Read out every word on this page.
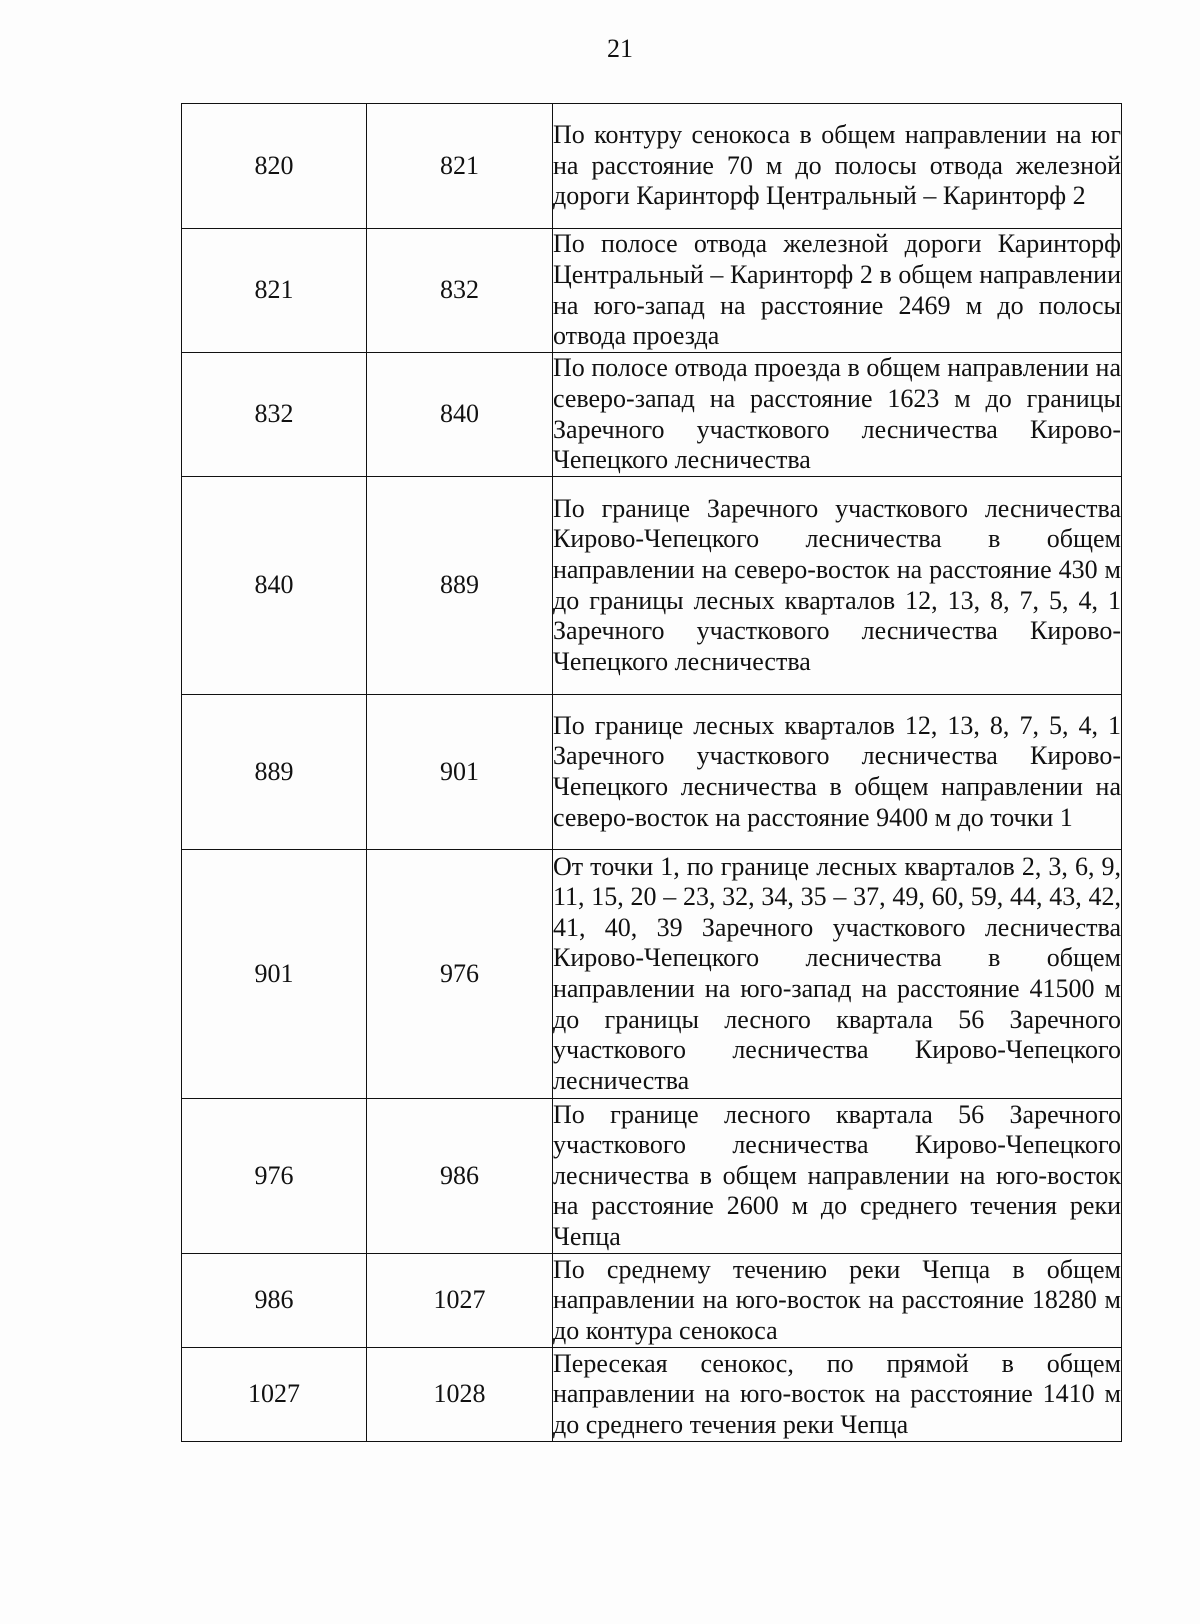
21
820	821	По контуру сенокоса в общем направлении на юг на расстояние 70 м до полосы отвода железной дороги Каринторф Центральный – Каринторф 2
821	832	По полосе отвода железной дороги Каринторф Центральный – Каринторф 2 в общем направлении на юго-запад на расстояние 2469 м до полосы отвода проезда
832	840	По полосе отвода проезда в общем направлении на северо-запад на расстояние 1623 м до границы Заречного участкового лесничества Кирово-Чепецкого лесничества
840	889	По границе Заречного участкового лесничества Кирово-Чепецкого лесничества в общем направлении на северо-восток на расстояние 430 м до границы лесных кварталов 12, 13, 8, 7, 5, 4, 1 Заречного участкового лесничества Кирово-Чепецкого лесничества
889	901	По границе лесных кварталов 12, 13, 8, 7, 5, 4, 1 Заречного участкового лесничества Кирово-Чепецкого лесничества в общем направлении на северо-восток на расстояние 9400 м до точки 1
901	976	От точки 1, по границе лесных кварталов 2, 3, 6, 9, 11, 15, 20 – 23, 32, 34, 35 – 37, 49, 60, 59, 44, 43, 42, 41, 40, 39 Заречного участкового лесничества Кирово-Чепецкого лесничества в общем направлении на юго-запад на расстояние 41500 м до границы лесного квартала 56 Заречного участкового лесничества Кирово-Чепецкого лесничества
976	986	По границе лесного квартала 56 Заречного участкового лесничества Кирово-Чепецкого лесничества в общем направлении на юго-восток на расстояние 2600 м до среднего течения реки Чепца
986	1027	По среднему течению реки Чепца в общем направлении на юго-восток на расстояние 18280 м до контура сенокоса
1027	1028	Пересекая сенокос, по прямой в общем направлении на юго-восток на расстояние 1410 м до среднего течения реки Чепца
